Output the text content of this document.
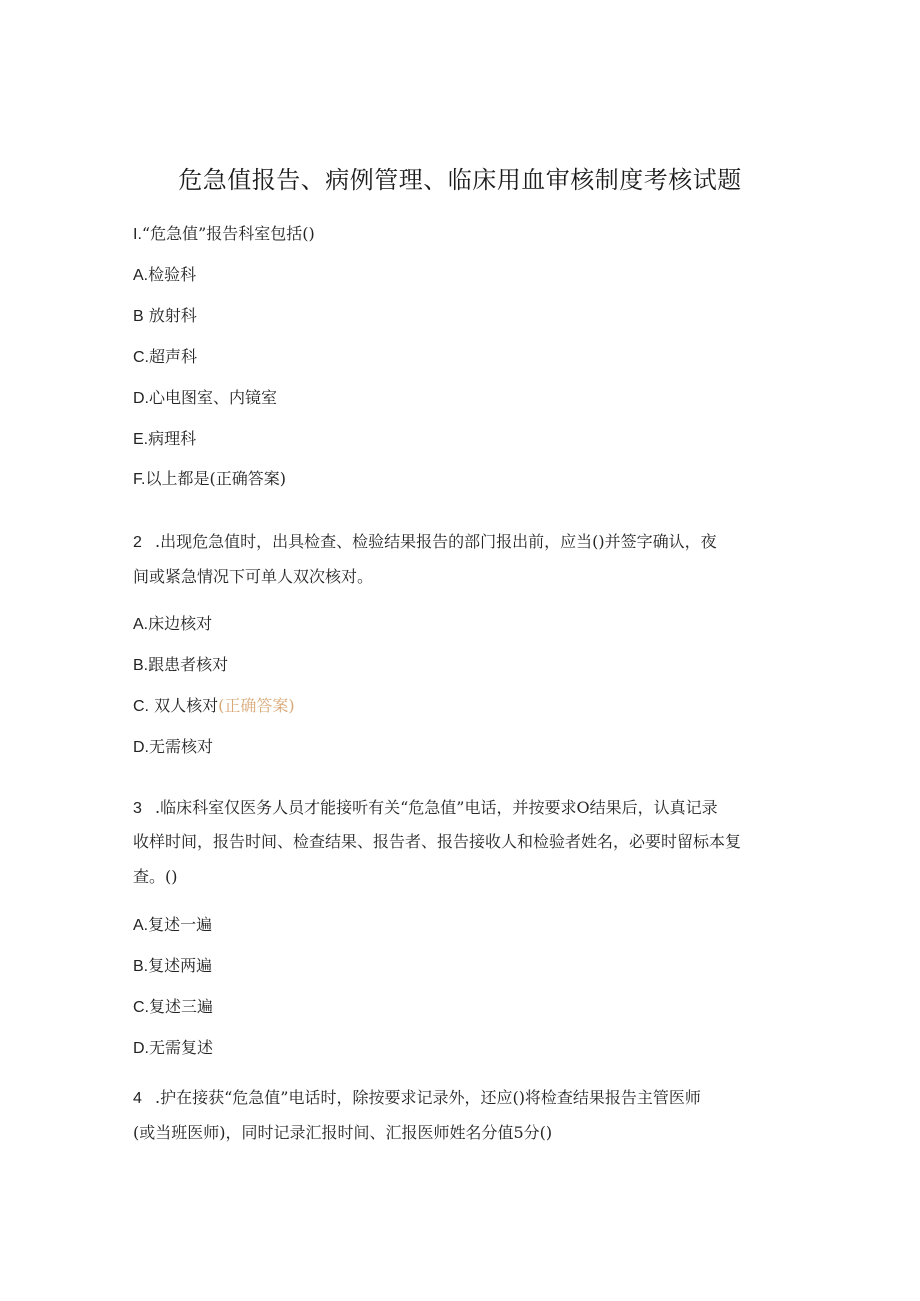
危急值报告、病例管理、临床用血审核制度考核试题
I.“危急值”报告科室包括()
A.检验科
B 放射科
C.超声科
D.心电图室、内镜室
E.病理科
F.以上都是(正确答案)
2 .出现危急值时，出具检查、检验结果报告的部门报出前，应当()并签字确认，夜
间或紧急情况下可单人双次核对。
A.床边核对
B.跟患者核对
C. 双人核对(正确答案)
D.无需核对
3 .临床科室仅医务人员才能接听有关“危急值”电话，并按要求O结果后，认真记录
收样时间，报告时间、检查结果、报告者、报告接收人和检验者姓名，必要时留标本复
查。()
A.复述一遍
B.复述两遍
C.复述三遍
D.无需复述
4 .护在接获“危急值”电话时，除按要求记录外，还应()将检查结果报告主管医师
(或当班医师)，同时记录汇报时间、汇报医师姓名分值5分()
